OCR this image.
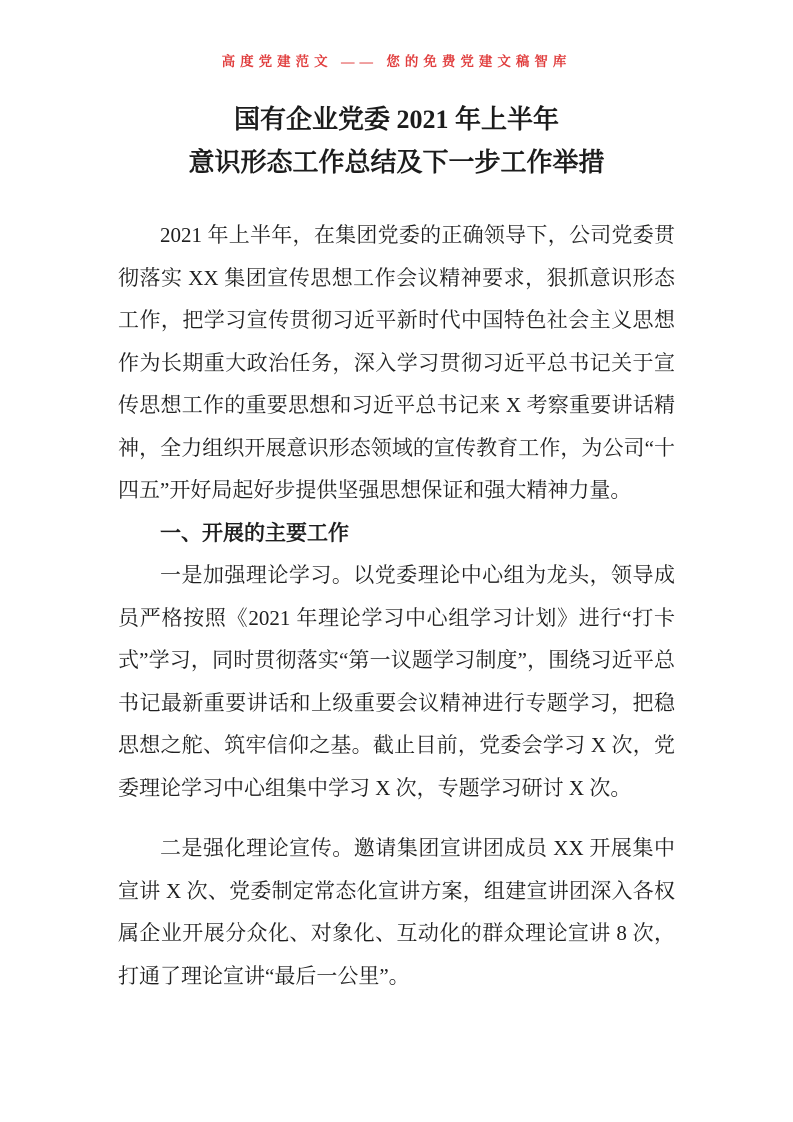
高度党建范文 —— 您的免费党建文稿智库
国有企业党委 2021 年上半年
意识形态工作总结及下一步工作举措

2021 年上半年，在集团党委的正确领导下，公司党委贯彻落实 XX 集团宣传思想工作会议精神要求，狠抓意识形态工作，把学习宣传贯彻习近平新时代中国特色社会主义思想作为长期重大政治任务，深入学习贯彻习近平总书记关于宣传思想工作的重要思想和习近平总书记来 X 考察重要讲话精神，全力组织开展意识形态领域的宣传教育工作，为公司“十四五”开好局起好步提供坚强思想保证和强大精神力量。

一、开展的主要工作

一是加强理论学习。以党委理论中心组为龙头，领导成员严格按照《2021 年理论学习中心组学习计划》进行“打卡式”学习，同时贯彻落实“第一议题学习制度”，围绕习近平总书记最新重要讲话和上级重要会议精神进行专题学习，把稳思想之舵、筑牢信仰之基。截止目前，党委会学习 X 次，党委理论学习中心组集中学习 X 次，专题学习研讨 X 次。

二是强化理论宣传。邀请集团宣讲团成员 XX 开展集中宣讲 X 次、党委制定常态化宣讲方案，组建宣讲团深入各权属企业开展分众化、对象化、互动化的群众理论宣讲 8 次，打通了理论宣讲“最后一公里”。
